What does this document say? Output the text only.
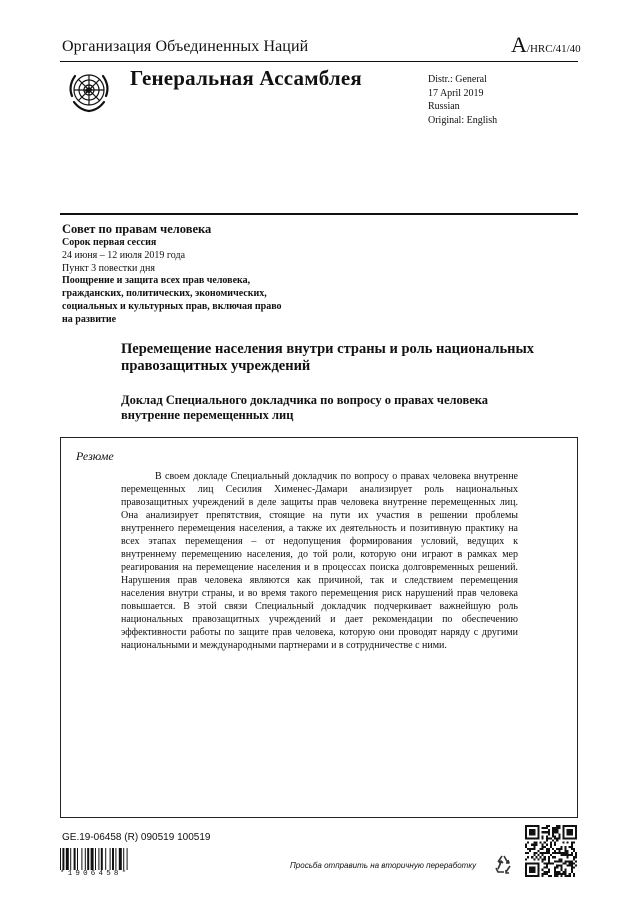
Организация Объединенных Наций	A/HRC/41/40
Генеральная Ассамблея	Distr.: General
17 April 2019
Russian
Original: English
Совет по правам человека
Сорок первая сессия
24 июня – 12 июля 2019 года
Пункт 3 повестки дня
Поощрение и защита всех прав человека, гражданских, политических, экономических, социальных и культурных прав, включая право на развитие
Перемещение населения внутри страны и роль национальных правозащитных учреждений
Доклад Специального докладчика по вопросу о правах человека внутренне перемещенных лиц
Резюме
В своем докладе Специальный докладчик по вопросу о правах человека внутренне перемещенных лиц Сесилия Хименес-Дамари анализирует роль национальных правозащитных учреждений в деле защиты прав человека внутренне перемещенных лиц. Она анализирует препятствия, стоящие на пути их участия в решении проблемы внутреннего перемещения населения, а также их деятельность и позитивную практику на всех этапах перемещения – от недопущения формирования условий, ведущих к внутреннему перемещению населения, до той роли, которую они играют в рамках мер реагирования на перемещение населения и в процессах поиска долговременных решений. Нарушения прав человека являются как причиной, так и следствием перемещения населения внутри страны, и во время такого перемещения риск нарушений прав человека повышается. В этой связи Специальный докладчик подчеркивает важнейшую роль национальных правозащитных учреждений и дает рекомендации по обеспечению эффективности работы по защите прав человека, которую они проводят наряду с другими национальными и международными партнерами и в сотрудничестве с ними.
GE.19-06458 (R) 090519 100519
*1906458*
Просьба отправить на вторичную переработку
